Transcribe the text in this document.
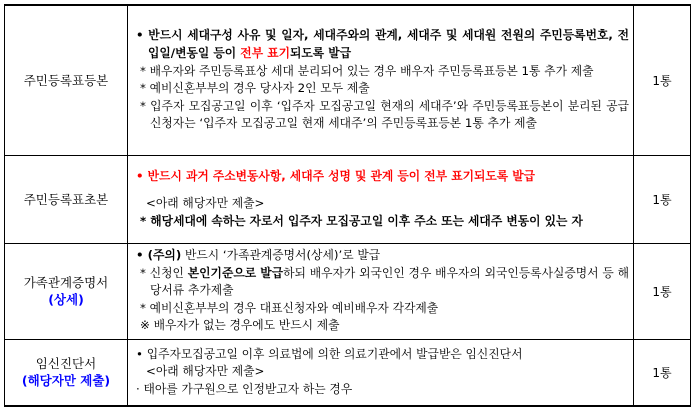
주민등록표등본	• 반드시 세대구성 사유 및 일자, 세대주와의 관계, 세대주 및 세대원 전원의 주민등록번호, 전입일/변동일 등이 전부 표기되도록 발급
* 배우자와 주민등록표상 세대 분리되어 있는 경우 배우자 주민등록표등본 1통 추가 제출
* 예비신혼부부의 경우 당사자 2인 모두 제출
* 입주자 모집공고일 이후 ‘입주자 모집공고일 현재의 세대주’와 주민등록표등본이 분리된 공급신청자는 ‘입주자 모집공고일 현재 세대주’의 주민등록표등본 1통 추가 제출	1통
주민등록표초본	• 반드시 과거 주소변동사항, 세대주 성명 및 관계 등이 전부 표기되도록 발급
<아래 해당자만 제출>
* 해당세대에 속하는 자로서 입주자 모집공고일 이후 주소 또는 세대주 변동이 있는 자	1통

가족관계증명서
(상세)	• (주의) 반드시 ‘가족관계증명서(상세)’로 발급
* 신청인 본인기준으로 발급하되 배우자가 외국인인 경우 배우자의 외국인등록사실증명서 등 해당서류 추가제출
* 예비신혼부부의 경우 대표신청자와 예비배우자 각각제출
※ 배우자가 없는 경우에도 반드시 제출	1통

임신진단서
(해당자만 제출)	• 입주자모집공고일 이후 의료법에 의한 의료기관에서 발급받은 임신진단서
<아래 해당자만 제출>
· 태아를 가구원으로 인정받고자 하는 경우	1통
